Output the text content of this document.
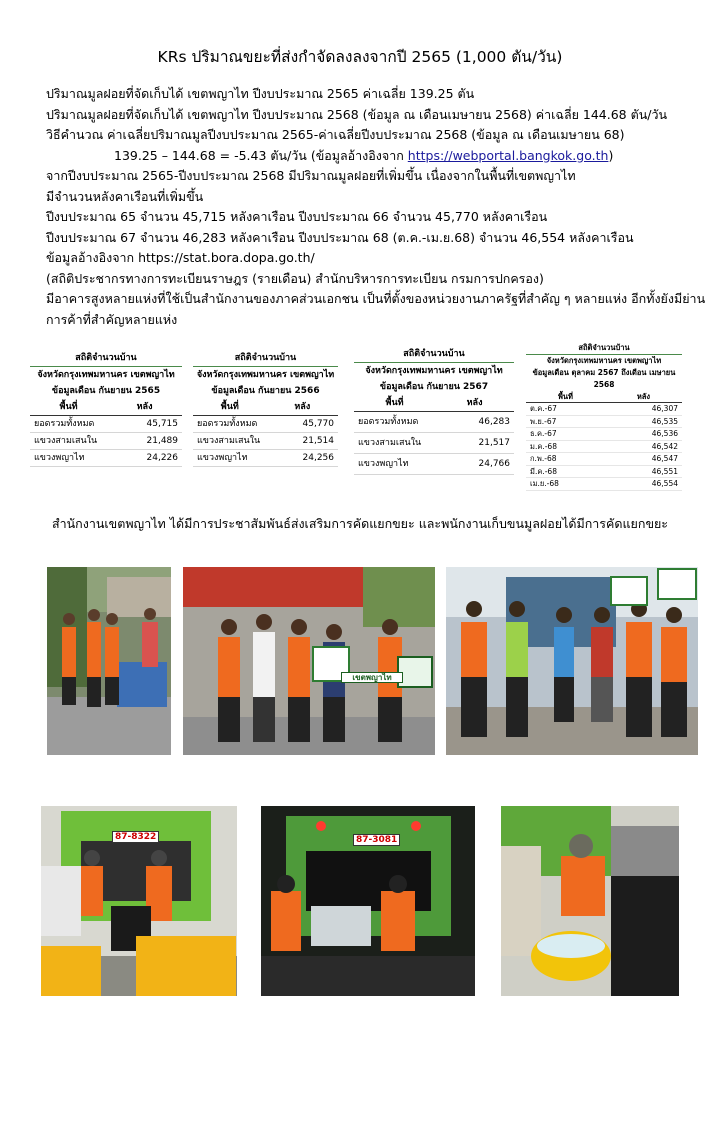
KRs ปริมาณขยะที่ส่งกำจัดลงลงจากปี 2565 (1,000 ตัน/วัน)
ปริมาณมูลฝอยที่จัดเก็บได้ เขตพญาไท ปีงบประมาณ 2565 ค่าเฉลี่ย 139.25 ตัน
ปริมาณมูลฝอยที่จัดเก็บได้ เขตพญาไท ปีงบประมาณ 2568 (ข้อมูล ณ เดือนเมษายน 2568) ค่าเฉลี่ย 144.68 ตัน/วัน
วิธีคำนวณ ค่าเฉลี่ยปริมาณมูลปีงบประมาณ 2565-ค่าเฉลี่ยปีงบประมาณ 2568 (ข้อมูล ณ เดือนเมษายน 68)
139.25 – 144.68 = -5.43 ตัน/วัน (ข้อมูลอ้างอิงจาก https://webportal.bangkok.go.th)
จากปีงบประมาณ 2565-ปีงบประมาณ 2568 มีปริมาณมูลฝอยที่เพิ่มขึ้น เนื่องจากในพื้นที่เขตพญาไท
มีจำนวนหลังคาเรือนที่เพิ่มขึ้น
ปีงบประมาณ 65 จำนวน 45,715 หลังคาเรือน ปีงบประมาณ 66 จำนวน 45,770 หลังคาเรือน
ปีงบประมาณ 67 จำนวน 46,283 หลังคาเรือน ปีงบประมาณ 68 (ต.ค.-เม.ย.68) จำนวน 46,554 หลังคาเรือน
ข้อมูลอ้างอิงจาก https://stat.bora.dopa.go.th/
(สถิติประชากรทางการทะเบียนราษฎร (รายเดือน) สำนักบริหารการทะเบียน กรมการปกครอง)
มีอาคารสูงหลายแห่งที่ใช้เป็นสำนักงานของภาคส่วนเอกชน เป็นที่ตั้งของหน่วยงานภาครัฐที่สำคัญ ๆ หลายแห่ง อีกทั้งยังมีย่านการค้าที่สำคัญหลายแห่ง
สถิติจำนวนบ้าน
จังหวัดกรุงเทพมหานคร เขตพญาไท
ข้อมูลเดือน กันยายน 2565
พื้นที่	หลัง
ยอดรวมทั้งหมด	45,715
แขวงสามเสนใน	21,489
แขวงพญาไท	24,226
สถิติจำนวนบ้าน
จังหวัดกรุงเทพมหานคร เขตพญาไท
ข้อมูลเดือน กันยายน 2566
พื้นที่	หลัง
ยอดรวมทั้งหมด	45,770
แขวงสามเสนใน	21,514
แขวงพญาไท	24,256
สถิติจำนวนบ้าน
จังหวัดกรุงเทพมหานคร เขตพญาไท
ข้อมูลเดือน กันยายน 2567
พื้นที่	หลัง
ยอดรวมทั้งหมด	46,283
แขวงสามเสนใน	21,517
แขวงพญาไท	24,766
สถิติจำนวนบ้าน
จังหวัดกรุงเทพมหานคร เขตพญาไท
ข้อมูลเดือน ตุลาคม 2567 ถึงเดือน เมษายน 2568
พื้นที่	หลัง
ต.ค.-67	46,307
พ.ย.-67	46,535
ธ.ค.-67	46,536
ม.ค.-68	46,542
ก.พ.-68	46,547
มี.ค.-68	46,551
เม.ย.-68	46,554
สำนักงานเขตพญาไท ได้มีการประชาสัมพันธ์ส่งเสริมการคัดแยกขยะ และพนักงานเก็บขนมูลฝอยได้มีการคัดแยกขยะ
เขตพญาไท
87-8322	87-3081
